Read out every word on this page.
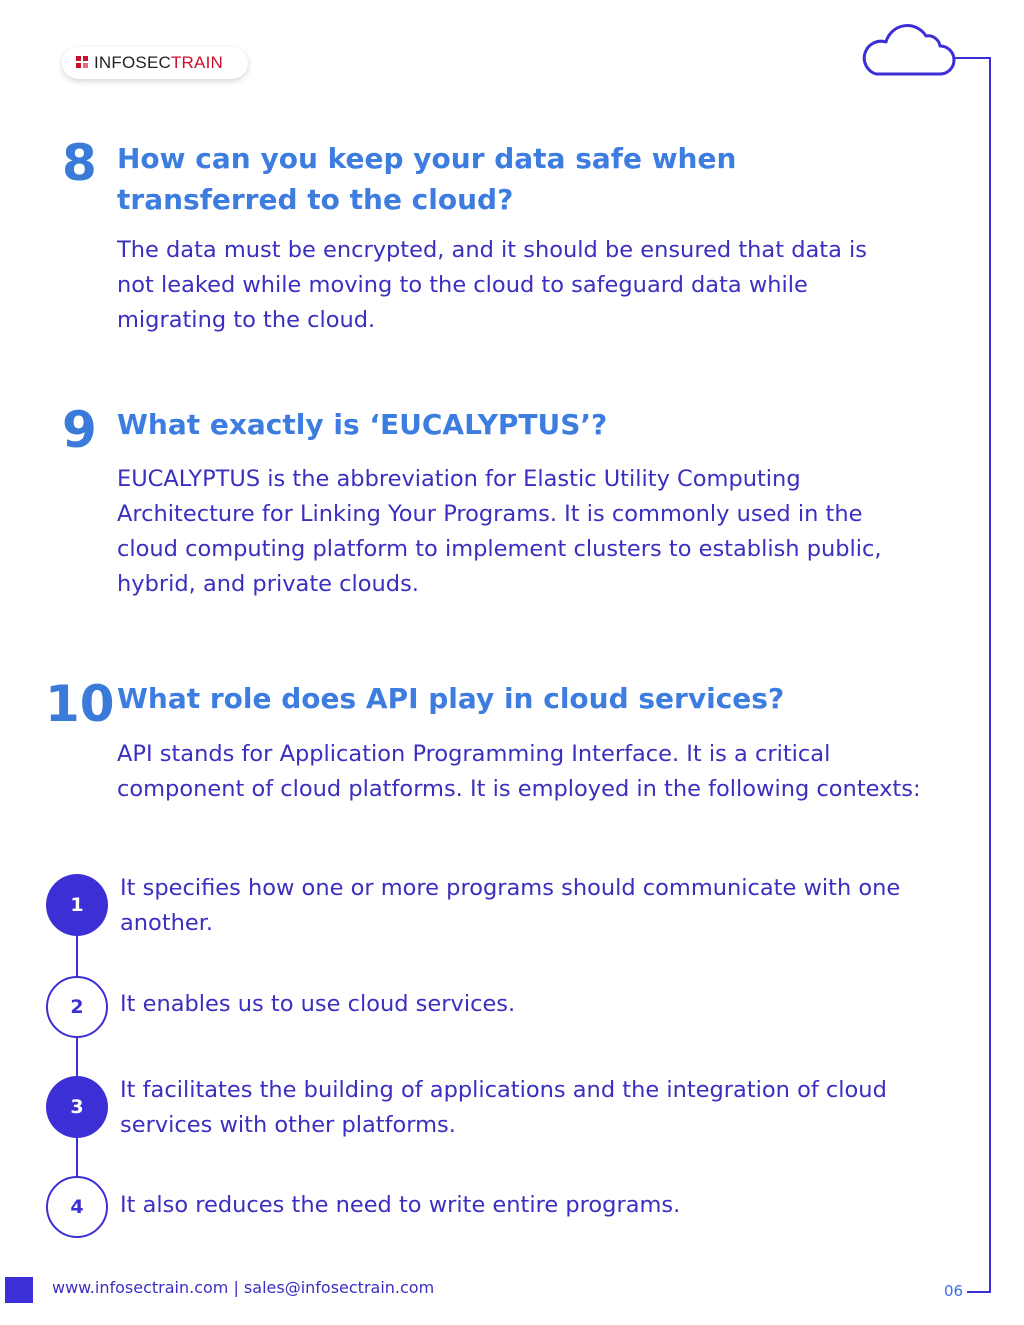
INFOSECTRAIN
8 How can you keep your data safe when transferred to the cloud?
The data must be encrypted, and it should be ensured that data is not leaked while moving to the cloud to safeguard data while migrating to the cloud.
9 What exactly is ‘EUCALYPTUS’?
EUCALYPTUS is the abbreviation for Elastic Utility Computing Architecture for Linking Your Programs. It is commonly used in the cloud computing platform to implement clusters to establish public, hybrid, and private clouds.
10 What role does API play in cloud services?
API stands for Application Programming Interface. It is a critical component of cloud platforms. It is employed in the following contexts:
1
It specifies how one or more programs should communicate with one another.
2 It enables us to use cloud services.
3
It facilitates the building of applications and the integration of cloud services with other platforms.
4 It also reduces the need to write entire programs.
www.infosectrain.com | sales@infosectrain.com	06
